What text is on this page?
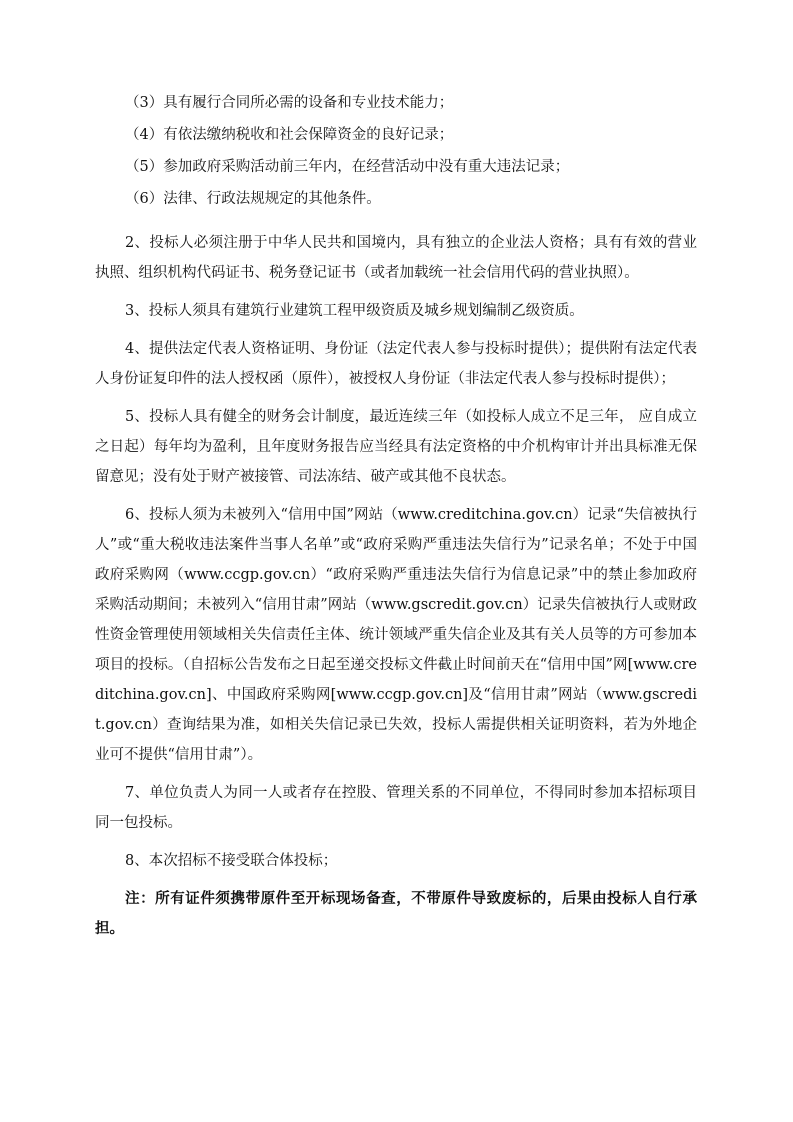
（3）具有履行合同所必需的设备和专业技术能力；

（4）有依法缴纳税收和社会保障资金的良好记录；

（5）参加政府采购活动前三年内，在经营活动中没有重大违法记录；

（6）法律、行政法规规定的其他条件。

2、投标人必须注册于中华人民共和国境内，具有独立的企业法人资格；具有有效的营业执照、组织机构代码证书、税务登记证书（或者加载统一社会信用代码的营业执照）。

3、投标人须具有建筑行业建筑工程甲级资质及城乡规划编制乙级资质。

4、提供法定代表人资格证明、身份证（法定代表人参与投标时提供）；提供附有法定代表人身份证复印件的法人授权函（原件），被授权人身份证（非法定代表人参与投标时提供）；

5、投标人具有健全的财务会计制度，最近连续三年（如投标人成立不足三年， 应自成立之日起）每年均为盈利，且年度财务报告应当经具有法定资格的中介机构审计并出具标准无保留意见；没有处于财产被接管、司法冻结、破产或其他不良状态。

6、投标人须为未被列入“信用中国”网站（www.creditchina.gov.cn）记录“失信被执行人”或“重大税收违法案件当事人名单”或“政府采购严重违法失信行为”记录名单；不处于中国政府采购网（www.ccgp.gov.cn）“政府采购严重违法失信行为信息记录”中的禁止参加政府采购活动期间；未被列入“信用甘肃”网站（www.gscredit.gov.cn）记录失信被执行人或财政性资金管理使用领域相关失信责任主体、统计领域严重失信企业及其有关人员等的方可参加本项目的投标。（自招标公告发布之日起至递交投标文件截止时间前天在“信用中国”网[www.creditchina.gov.cn]、中国政府采购网[www.ccgp.gov.cn]及“信用甘肃”网站（www.gscredit.gov.cn）查询结果为准，如相关失信记录已失效，投标人需提供相关证明资料，若为外地企业可不提供“信用甘肃”）。

7、单位负责人为同一人或者存在控股、管理关系的不同单位，不得同时参加本招标项目同一包投标。

8、本次招标不接受联合体投标；

注：所有证件须携带原件至开标现场备查，不带原件导致废标的，后果由投标人自行承担。
